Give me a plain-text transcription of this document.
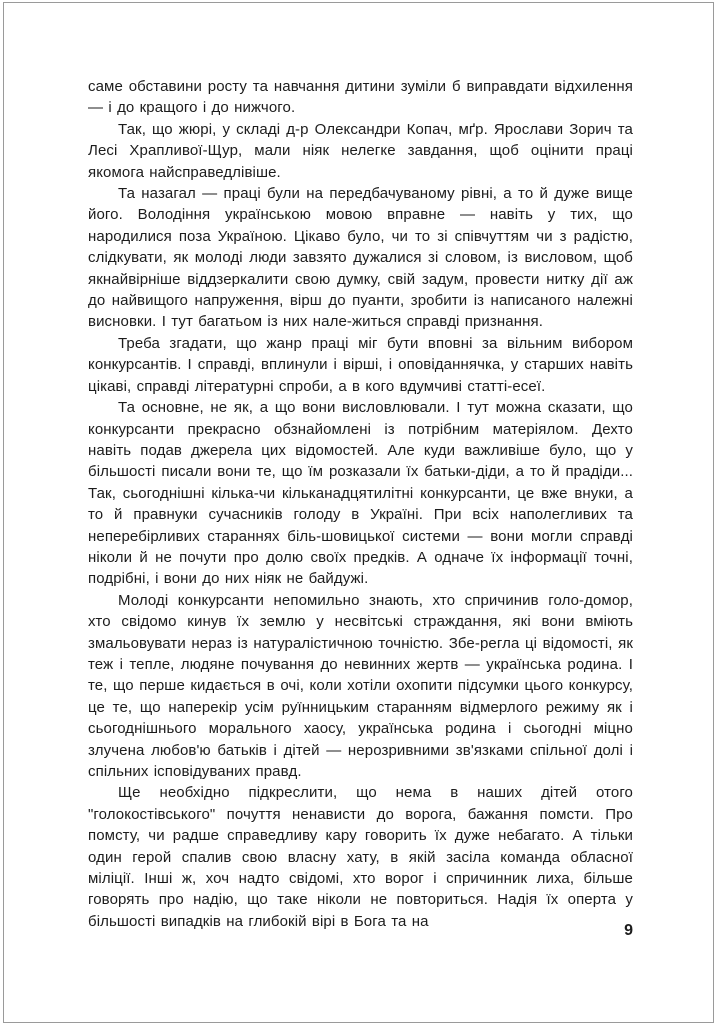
саме обставини росту та навчання дитини зуміли б виправдати відхилення — і до кращого і до нижчого.

Так, що жюрі, у складі д-р Олександри Копач, мґр. Ярослави Зорич та Лесі Храпливої-Щур, мали ніяк нелегке завдання, щоб оцінити праці якомога найсправедлівіше.

Та назагал — праці були на передбачуваному рівні, а то й дуже вище його. Володіння українською мовою вправне — навіть у тих, що народилися поза Україною. Цікаво було, чи то зі співчуттям чи з радістю, слідкувати, як молоді люди завзято дужалися зі словом, із висловом, щоб якнайвірніше віддзеркалити свою думку, свій задум, провести нитку дії аж до найвищого напруження, вірш до пуанти, зробити із написаного належні висновки. І тут багатьом із них нале-житься справді признання.

Треба згадати, що жанр праці міг бути вповні за вільним вибором конкурсантів. І справді, вплинули і вірші, і оповіданнячка, у старших навіть цікаві, справді літературні спроби, а в кого вдумчиві статті-есеї.

Та основне, не як, а що вони висловлювали. І тут можна сказати, що конкурсанти прекрасно обзнайомлені із потрібним матеріялом. Дехто навіть подав джерела цих відомостей. Але куди важливіше було, що у більшості писали вони те, що їм розказали їх батьки-діди, а то й прадіди... Так, сьогоднішні кілька-чи кільканадцятилітні конкурсанти, це вже внуки, а то й правнуки сучасників голоду в Україні. При всіх наполегливих та неперебірливих стараннях біль-шовицької системи — вони могли справді ніколи й не почути про долю своїх предків. А одначе їх інформації точні, подрібні, і вони до них ніяк не байдужі.

Молоді конкурсанти непомильно знають, хто спричинив голо-домор, хто свідомо кинув їх землю у несвітські страждання, які вони вміють змальовувати нераз із натуралістичною точністю. Збе-регла ці відомості, як теж і тепле, людяне почування до невинних жертв — українська родина. І те, що перше кидається в очі, коли хотіли охопити підсумки цього конкурсу, це те, що наперекір усім руїнницьким старанням відмерлого режиму як і сьогоднішнього морального хаосу, українська родина і сьогодні міцно злучена любов'ю батьків і дітей — нерозривними зв'язками спільної долі і спільних ісповідуваних правд.

Ще необхідно підкреслити, що нема в наших дітей отого "голокостівського" почуття ненависти до ворога, бажання помсти. Про помсту, чи радше справедливу кару говорить їх дуже небагато. А тільки один герой спалив свою власну хату, в якій засіла команда обласної міліції. Інші ж, хоч надто свідомі, хто ворог і спричинник лиха, більше говорять про надію, що таке ніколи не повториться. Надія їх оперта у більшості випадків на глибокій вірі в Бога та на

9
